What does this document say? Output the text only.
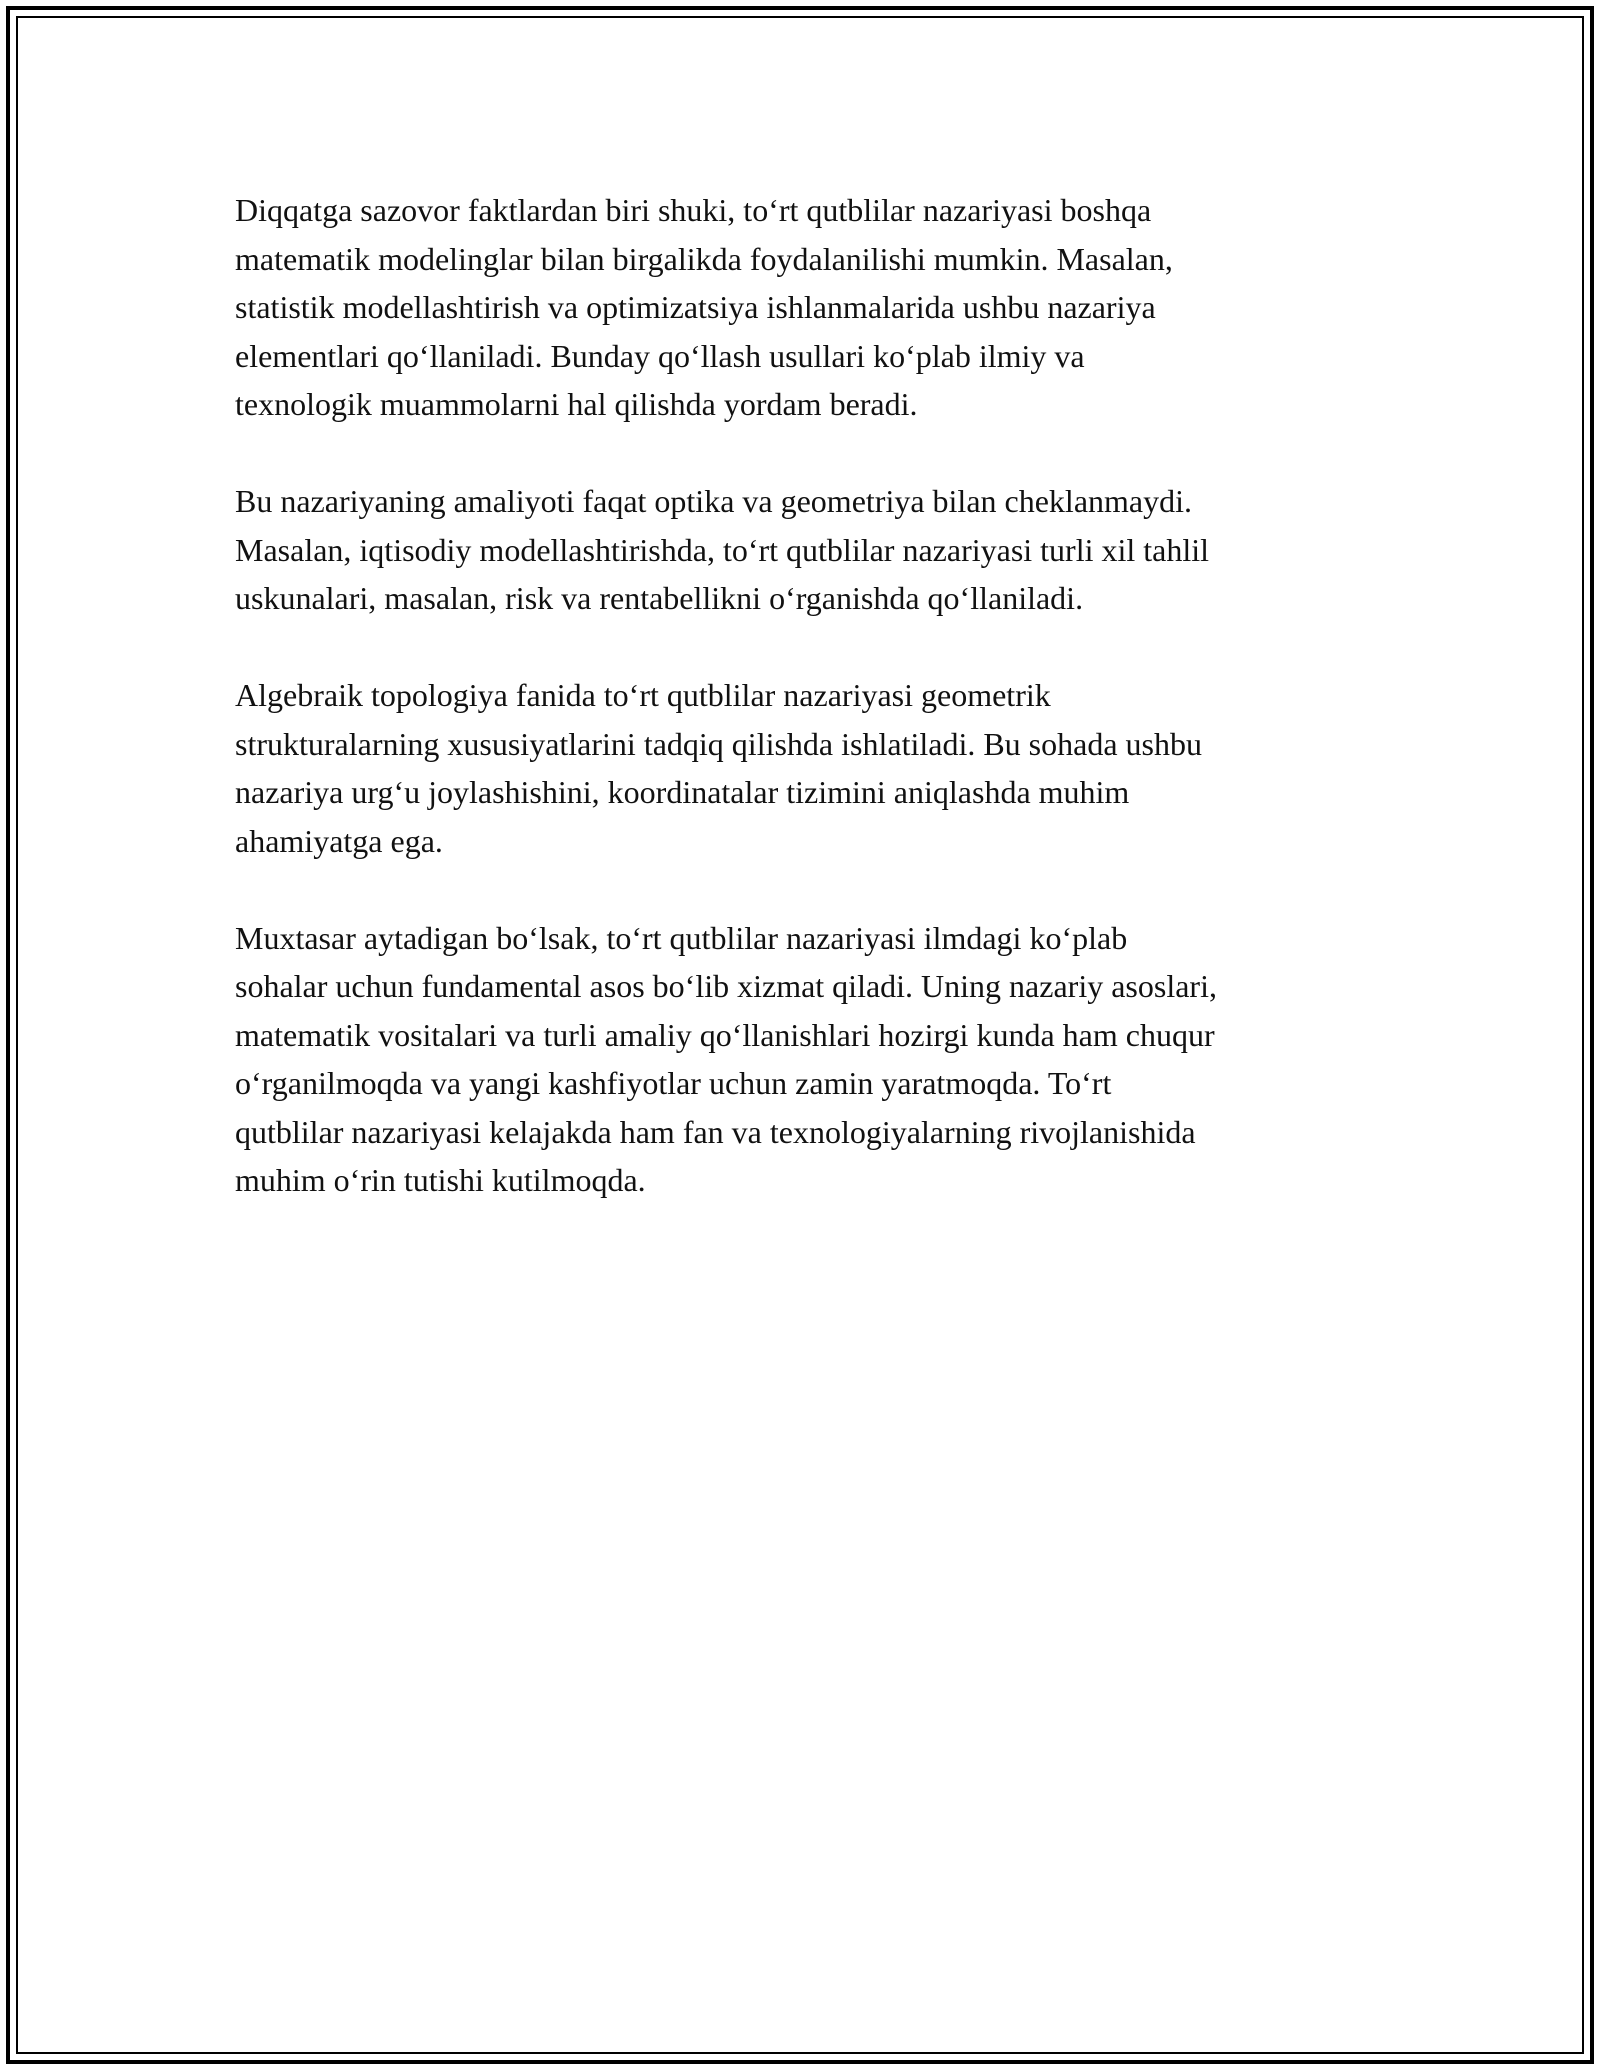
Diqqatga sazovor faktlardan biri shuki, to‘rt qutblilar nazariyasi boshqa
matematik modelinglar bilan birgalikda foydalanilishi mumkin. Masalan,
statistik modellashtirish va optimizatsiya ishlanmalarida ushbu nazariya
elementlari qo‘llaniladi. Bunday qo‘llash usullari ko‘plab ilmiy va
texnologik muammolarni hal qilishda yordam beradi.

Bu nazariyaning amaliyoti faqat optika va geometriya bilan cheklanmaydi.
Masalan, iqtisodiy modellashtirishda, to‘rt qutblilar nazariyasi turli xil tahlil
uskunalari, masalan, risk va rentabellikni o‘rganishda qo‘llaniladi.

Algebraik topologiya fanida to‘rt qutblilar nazariyasi geometrik
strukturalarning xususiyatlarini tadqiq qilishda ishlatiladi. Bu sohada ushbu
nazariya urg‘u joylashishini, koordinatalar tizimini aniqlashda muhim
ahamiyatga ega.

Muxtasar aytadigan bo‘lsak, to‘rt qutblilar nazariyasi ilmdagi ko‘plab
sohalar uchun fundamental asos bo‘lib xizmat qiladi. Uning nazariy asoslari,
matematik vositalari va turli amaliy qo‘llanishlari hozirgi kunda ham chuqur
o‘rganilmoqda va yangi kashfiyotlar uchun zamin yaratmoqda. To‘rt
qutblilar nazariyasi kelajakda ham fan va texnologiyalarning rivojlanishida
muhim o‘rin tutishi kutilmoqda.
